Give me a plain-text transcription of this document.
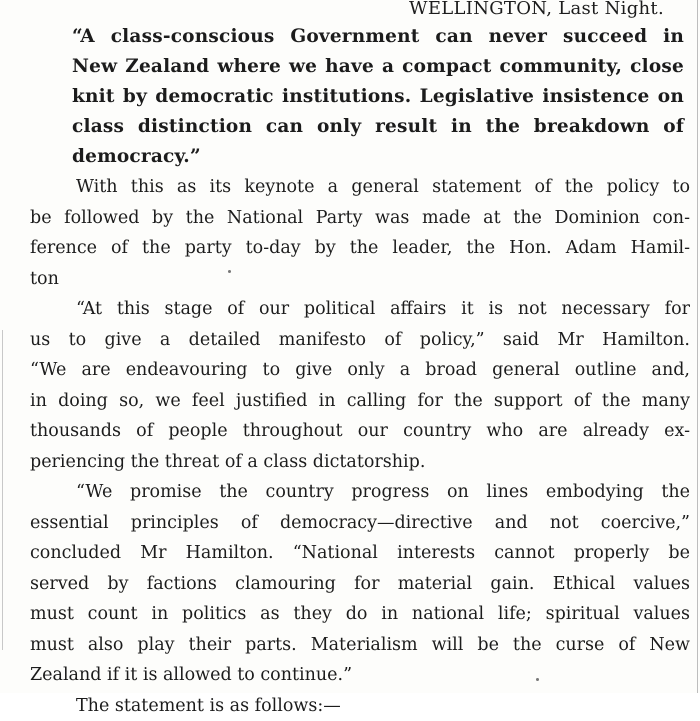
WELLINGTON, Last Night.
“A class-conscious Government can never succeed in
New Zealand where we have a compact community, close
knit by democratic institutions. Legislative insistence on
class distinction can only result in the breakdown of
democracy.”
With this as its keynote a general statement of the policy to
be followed by the National Party was made at the Dominion con-
ference of the party to-day by the leader, the Hon. Adam Hamil-
ton
“At this stage of our political affairs it is not necessary for
us to give a detailed manifesto of policy,” said Mr Hamilton.
“We are endeavouring to give only a broad general outline and,
in doing so, we feel justified in calling for the support of the many
thousands of people throughout our country who are already ex-
periencing the threat of a class dictatorship.
“We promise the country progress on lines embodying the
essential principles of democracy—directive and not coercive,”
concluded Mr Hamilton. “National interests cannot properly be
served by factions clamouring for material gain. Ethical values
must count in politics as they do in national life; spiritual values
must also play their parts. Materialism will be the curse of New
Zealand if it is allowed to continue.”
The statement is as follows:—
